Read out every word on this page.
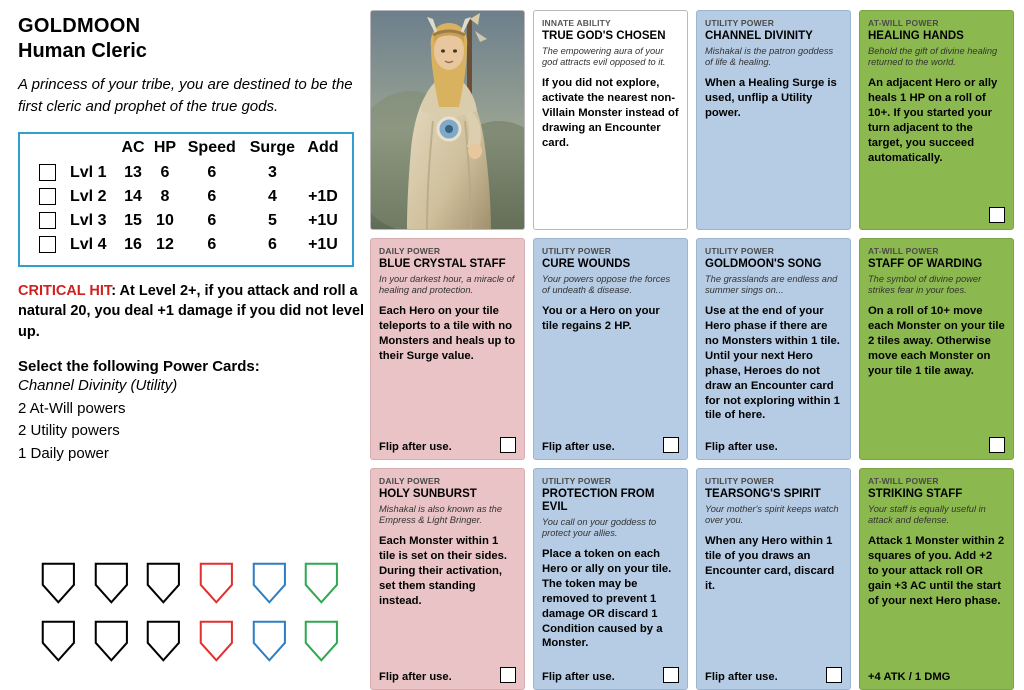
GOLDMOON
Human Cleric
A princess of your tribe, you are destined to be the first cleric and prophet of the true gods.
		AC	HP	Speed	Surge	Add
	Lvl 1	13	6	6	3	
	Lvl 2	14	8	6	4	+1D
	Lvl 3	15	10	6	5	+1U
	Lvl 4	16	12	6	6	+1U
CRITICAL HIT: At Level 2+, if you attack and roll a natural 20, you deal +1 damage if you did not level up.
Select the following Power Cards:
Channel Divinity (Utility)
2 At-Will powers
2 Utility powers
1 Daily power
INNATE ABILITY
TRUE GOD'S CHOSEN
The empowering aura of your god attracts evil opposed to it.
If you did not explore, activate the nearest non-Villain Monster instead of drawing an Encounter card.
UTILITY POWER
CHANNEL DIVINITY
Mishakal is the patron goddess of life & healing.
When a Healing Surge is used, unflip a Utility power.
AT-WILL POWER
HEALING HANDS
Behold the gift of divine healing returned to the world.
An adjacent Hero or ally heals 1 HP on a roll of 10+. If you started your turn adjacent to the target, you succeed automatically.
DAILY POWER
BLUE CRYSTAL STAFF
In your darkest hour, a miracle of healing and protection.
Each Hero on your tile teleports to a tile with no Monsters and heals up to their Surge value.
Flip after use.
UTILITY POWER
CURE WOUNDS
Your powers oppose the forces of undeath & disease.
You or a Hero on your tile regains 2 HP.
Flip after use.
UTILITY POWER
GOLDMOON'S SONG
The grasslands are endless and summer sings on...
Use at the end of your Hero phase if there are no Monsters within 1 tile. Until your next Hero phase, Heroes do not draw an Encounter card for not exploring within 1 tile of here.
Flip after use.
AT-WILL POWER
STAFF OF WARDING
The symbol of divine power strikes fear in your foes.
On a roll of 10+ move each Monster on your tile 2 tiles away. Otherwise move each Monster on your tile 1 tile away.
DAILY POWER
HOLY SUNBURST
Mishakal is also known as the Empress & Light Bringer.
Each Monster within 1 tile is set on their sides. During their activation, set them standing instead.
Flip after use.
UTILITY POWER
PROTECTION FROM EVIL
You call on your goddess to protect your allies.
Place a token on each Hero or ally on your tile. The token may be removed to prevent 1 damage OR discard 1 Condition caused by a Monster.
Flip after use.
UTILITY POWER
TEARSONG'S SPIRIT
Your mother's spirit keeps watch over you.
When any Hero within 1 tile of you draws an Encounter card, discard it.
Flip after use.
AT-WILL POWER
STRIKING STAFF
Your staff is equally useful in attack and defense.
Attack 1 Monster within 2 squares of you. Add +2 to your attack roll OR gain +3 AC until the start of your next Hero phase.
+4 ATK / 1 DMG
